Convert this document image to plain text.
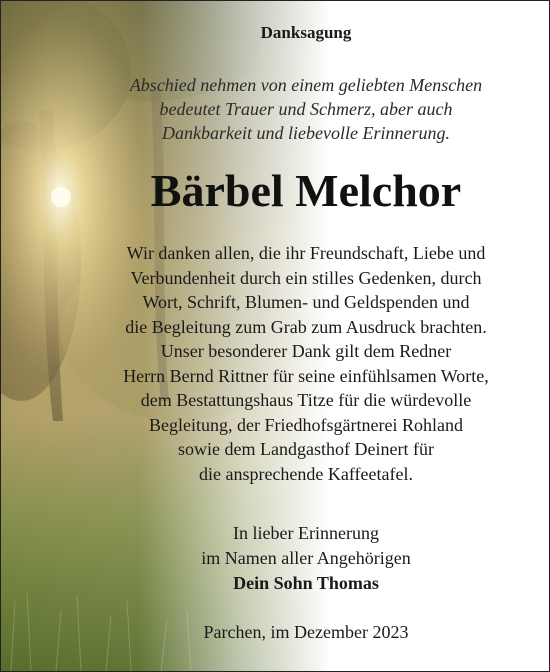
Danksagung
Abschied nehmen von einem geliebten Menschen
bedeutet Trauer und Schmerz, aber auch
Dankbarkeit und liebevolle Erinnerung.
Bärbel Melchor
Wir danken allen, die ihr Freundschaft, Liebe und
Verbundenheit durch ein stilles Gedenken, durch
Wort, Schrift, Blumen- und Geldspenden und
die Begleitung zum Grab zum Ausdruck brachten.
Unser besonderer Dank gilt dem Redner
Herrn Bernd Rittner für seine einfühlsamen Worte,
dem Bestattungshaus Titze für die würdevolle
Begleitung, der Friedhofsgärtnerei Rohland
sowie dem Landgasthof Deinert für
die ansprechende Kaffeetafel.
In lieber Erinnerung
im Namen aller Angehörigen
Dein Sohn Thomas
Parchen, im Dezember 2023
